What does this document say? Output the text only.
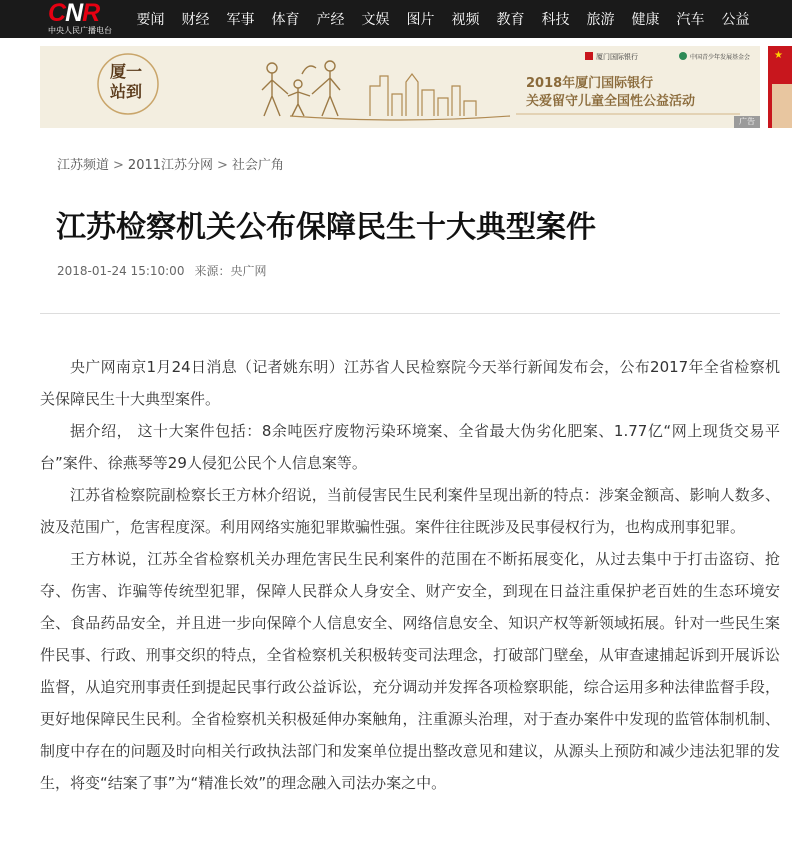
CNR
中央人民广播电台
要闻	财经	军事	体育	产经	文娱	图片	视频	教育	科技	旅游	健康	汽车	公益
厦一站到
厦门国际银行	中国青少年发展基金会
2018年厦门国际银行
关爱留守儿童全国性公益活动
广告
★
江苏频道 > 2011江苏分网 > 社会广角
江苏检察机关公布保障民生十大典型案件
2018-01-24 15:10:00 来源：央广网

央广网南京1月24日消息（记者姚东明）江苏省人民检察院今天举行新闻发布会，公布2017年全省检察机关保障民生十大典型案件。

据介绍， 这十大案件包括：8余吨医疗废物污染环境案、全省最大伪劣化肥案、1.77亿“网上现货交易平台”案件、徐燕琴等29人侵犯公民个人信息案等。

江苏省检察院副检察长王方林介绍说，当前侵害民生民利案件呈现出新的特点：涉案金额高、影响人数多、波及范围广，危害程度深。利用网络实施犯罪欺骗性强。案件往往既涉及民事侵权行为，也构成刑事犯罪。

王方林说，江苏全省检察机关办理危害民生民利案件的范围在不断拓展变化，从过去集中于打击盗窃、抢夺、伤害、诈骗等传统型犯罪，保障人民群众人身安全、财产安全，到现在日益注重保护老百姓的生态环境安全、食品药品安全，并且进一步向保障个人信息安全、网络信息安全、知识产权等新领域拓展。针对一些民生案件民事、行政、刑事交织的特点，全省检察机关积极转变司法理念，打破部门壁垒，从审查逮捕起诉到开展诉讼监督，从追究刑事责任到提起民事行政公益诉讼，充分调动并发挥各项检察职能，综合运用多种法律监督手段，更好地保障民生民利。全省检察机关积极延伸办案触角，注重源头治理，对于查办案件中发现的监管体制机制、制度中存在的问题及时向相关行政执法部门和发案单位提出整改意见和建议，从源头上预防和减少违法犯罪的发生，将变“结案了事”为“精准长效”的理念融入司法办案之中。
